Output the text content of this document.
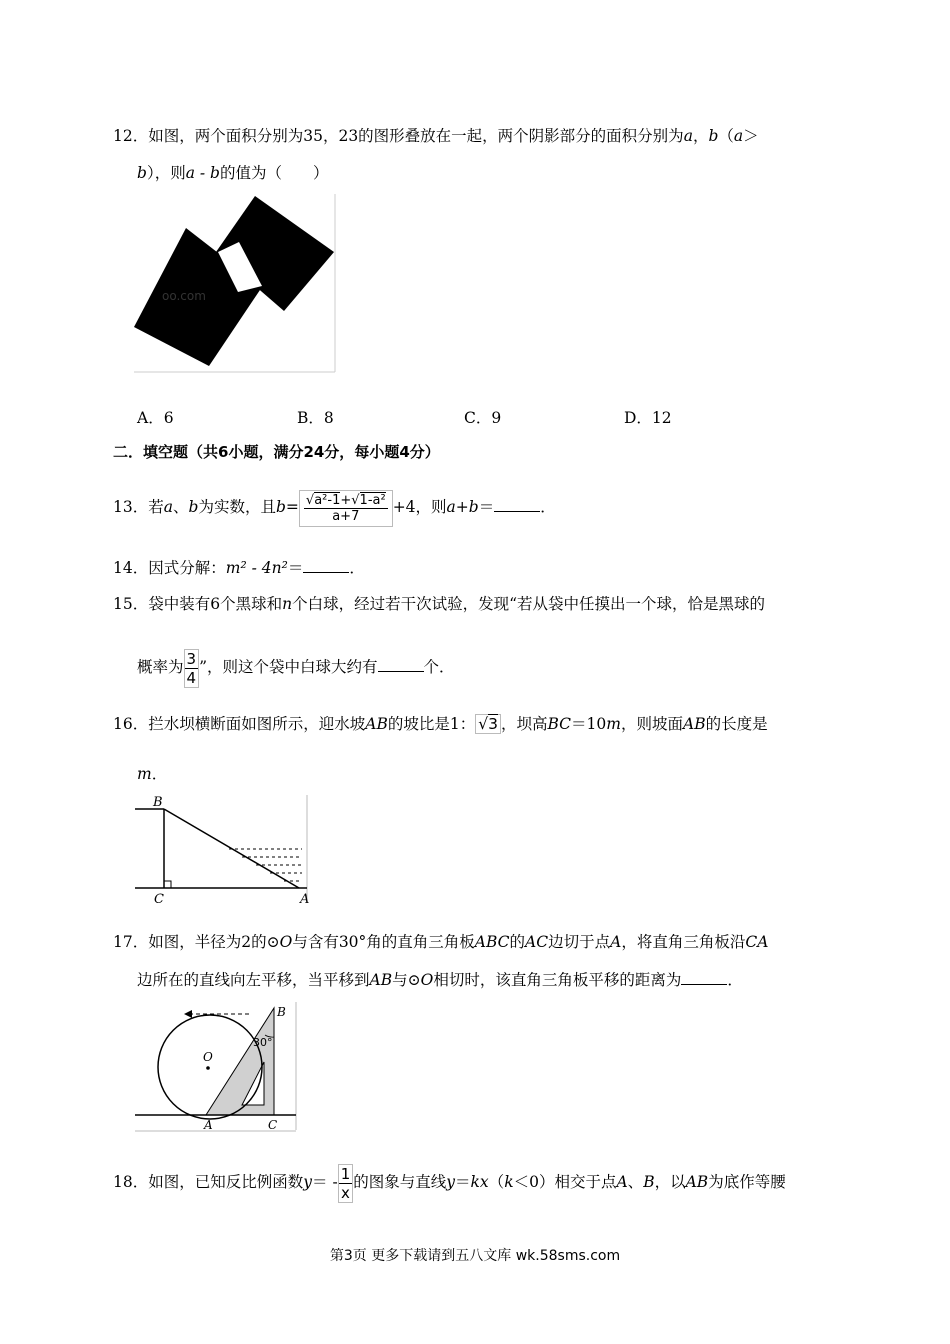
12．如图，两个面积分别为35，23的图形叠放在一起，两个阴影部分的面积分别为a，b（a＞
b），则a - b的值为（　　）
oo.com
A．6	B．8	C．9	D．12
二．填空题（共6小题，满分24分，每小题4分）
13．若a、b为实数，且$b= \frac{\text{√a²-1+√1-a²}}{a+7} +4$，则a+b＝	．
14．因式分解：m² - 4n²＝	．
15．袋中装有6个黑球和n个白球，经过若干次试验，发现“若从袋中任摸出一个球，恰是黑球的
概率为 $\frac{3}{4}$ ”，则这个袋中白球大约有	个．
16．拦水坝横断面如图所示，迎水坡AB的坡比是1： √3 ，坝高BC＝10m，则坡面AB的长度是
m．
B
C	A
17．如图，半径为2的⊙O与含有30°角的直角三角板ABC的AC边切于点A，将直角三角板沿CA
边所在的直线向左平移，当平移到AB与⊙O相切时，该直角三角板平移的距离为	．
O
B
30°
A	C
18．如图，已知反比例函数$y= - \frac{1}{x}$ 的图象与直线y＝kx（k＜0）相交于点A、B，以AB为底作等腰
第3页 更多下载请到五八文库 wk.58sms.com
